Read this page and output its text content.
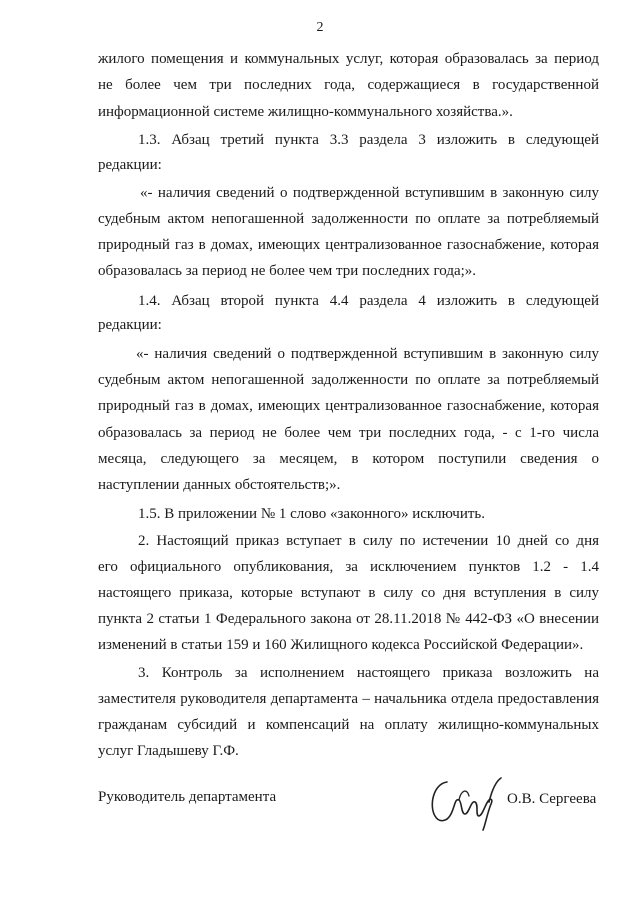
2
жилого помещения и коммунальных услуг, которая образовалась за период
не более чем три последних года, содержащиеся в государственной
информационной системе жилищно-коммунального хозяйства.».
1.3. Абзац третий пункта 3.3 раздела 3 изложить в следующей
редакции:
«- наличия сведений о подтвержденной вступившим в законную силу
судебным актом непогашенной задолженности по оплате за потребляемый
природный газ в домах, имеющих централизованное газоснабжение, которая
образовалась за период не более чем три последних года;».
1.4. Абзац второй пункта 4.4 раздела 4 изложить в следующей
редакции:
«- наличия сведений о подтвержденной вступившим в законную силу
судебным актом непогашенной задолженности по оплате за потребляемый
природный газ в домах, имеющих централизованное газоснабжение, которая
образовалась за период не более чем три последних года, - с 1-го числа
месяца, следующего за месяцем, в котором поступили сведения о
наступлении данных обстоятельств;».
1.5. В приложении № 1 слово «законного» исключить.
2. Настоящий приказ вступает в силу по истечении 10 дней со дня
его официального опубликования, за исключением пунктов 1.2 - 1.4
настоящего приказа, которые вступают в силу со дня вступления в силу
пункта 2 статьи 1 Федерального закона от 28.11.2018 № 442-ФЗ «О внесении
изменений в статьи 159 и 160 Жилищного кодекса Российской Федерации».
3. Контроль за исполнением настоящего приказа возложить на
заместителя руководителя департамента – начальника отдела предоставления
гражданам субсидий и компенсаций на оплату жилищно-коммунальных
услуг Гладышеву Г.Ф.
Руководитель департамента	О.В. Сергеева
